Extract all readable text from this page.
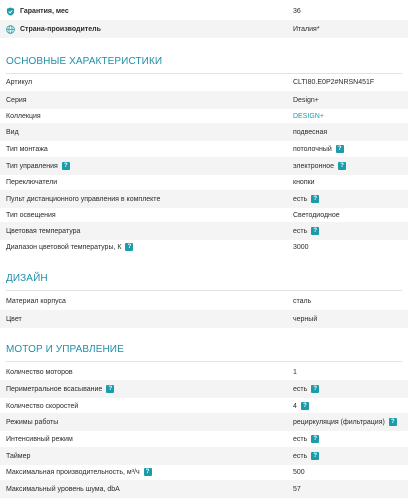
Гарантия, мес	36
Страна-производитель	Италия*
ОСНОВНЫЕ ХАРАКТЕРИСТИКИ
Артикул	CLTI80.E0P2#NRSN451F
Серия	Design+
Коллекция	DESIGN+
Вид	подвесная
Тип монтажа	потолочный	?
Тип управления	?	электронное	?
Переключатели	кнопки
Пульт дистанционного управления в комплекте	есть	?
Тип освещения	Светодиодное
Цветовая температура	есть	?
Диапазон цветовой температуры, К	?	3000
ДИЗАЙН
Материал корпуса	сталь
Цвет	черный
МОТОР И УПРАВЛЕНИЕ
Количество моторов	1
Периметральное всасывание	?	есть	?
Количество скоростей	4	?
Режимы работы	рециркуляция (фильтрация)	?
Интенсивный режим	есть	?
Таймер	есть	?
Максимальная производительность, м³/ч	?	500
Максимальный уровень шума, dbA	57
